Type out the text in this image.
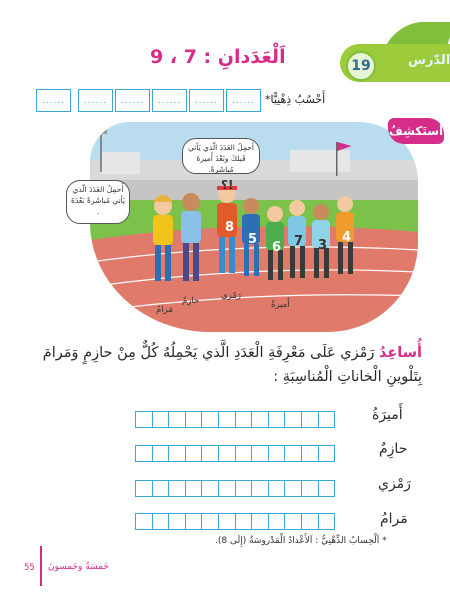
الدّرس
19
اَلْعَدَدانِ : 7 ، 9
أَحْسُبُ ذِهْنِيًّا*
......
......
......
......
......
......
أَستَكشِفُ
أَحمِلُ العَدَدَ الّذي يَأتي مُباشَرةً بَعْدَهُ .
أحمِلُ العَدَدَ الّذي يَأتي قَبلكَ وبَعْدَ أَميرةَ مُباشَرةً.
؟!
8
5
6 7 3
4
مَرامُ
حازِمٌ	رَمْزي
أَميرةُ
أُساعِدُ رَمْزي عَلَى مَعْرِفَةِ الْعَدَدِ الَّذي يَحْمِلُهُ كُلٌّ مِنْ حازِمٍ وَمَرامَ بِتَلْوينِ الْخاناتِ الْمُناسِبَةِ :
أَميرَةُ
حازِمٌ
رَمْزي
مَرامُ
* اَلْحِسابُ الذِّهْنِيُّ : اَلأَعْدادُ الْمَدْروسَةُ (إِلَى 8).
55 خَمسَةٌ وخَمسونَ
